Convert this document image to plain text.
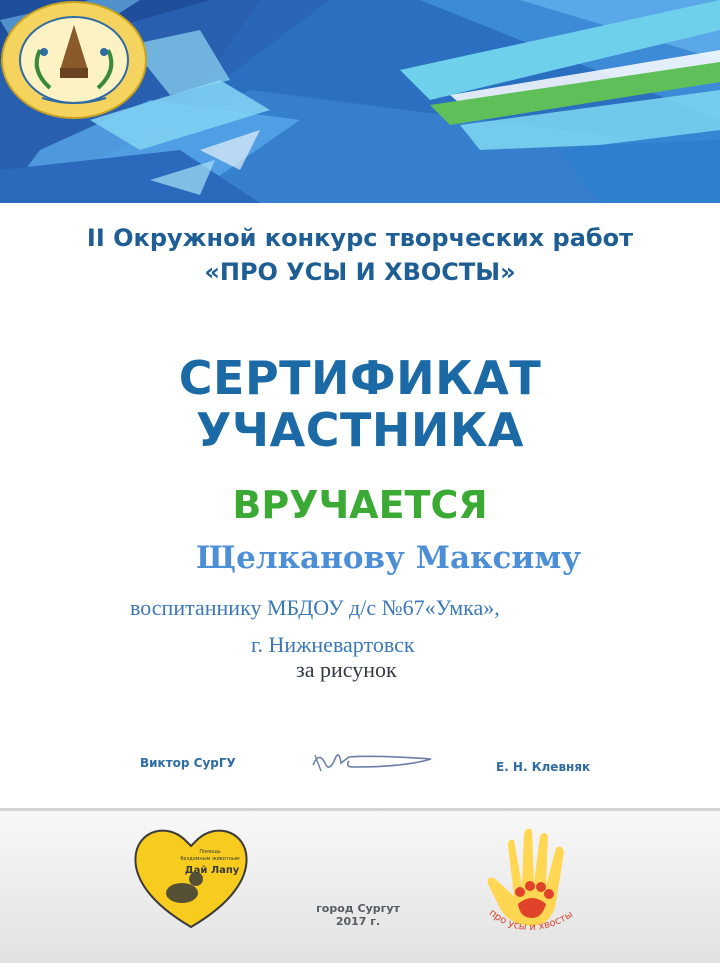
II Окружной конкурс творческих работ
«ПРО УСЫ И ХВОСТЫ»
СЕРТИФИКАТ
УЧАСТНИКА
ВРУЧАЕТСЯ
Щелканову Максиму
воспитаннику МБДОУ д/с №67«Умка»,
г. Нижневартовск
за рисунок
Виктор СурГУ	Е. Н. Клевняк
Помощь
бездомным животным
Дай Лапу
город Сургут
2017 г.
про усы и хвосты
